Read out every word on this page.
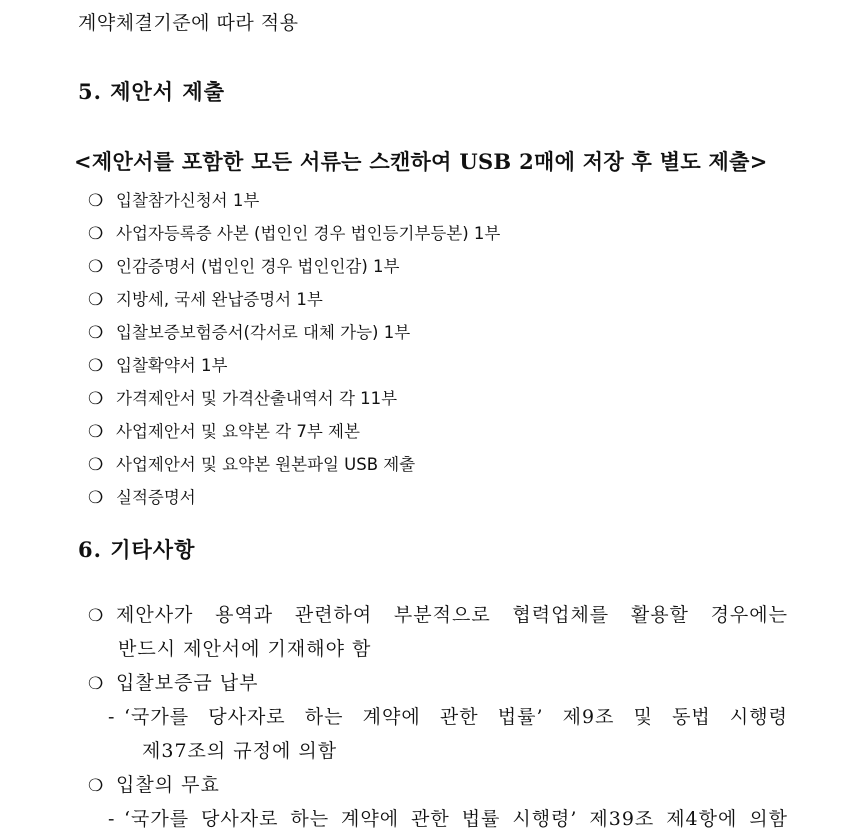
계약체결기준에 따라 적용
5. 제안서 제출
<제안서를 포함한 모든 서류는 스캔하여 USB 2매에 저장 후 별도 제출>
❍ 입찰참가신청서 1부
❍ 사업자등록증 사본 (법인인 경우 법인등기부등본) 1부
❍ 인감증명서 (법인인 경우 법인인감) 1부
❍ 지방세, 국세 완납증명서 1부
❍ 입찰보증보험증서(각서로 대체 가능) 1부
❍ 입찰확약서 1부
❍ 가격제안서 및 가격산출내역서 각 11부
❍ 사업제안서 및 요약본 각 7부 제본
❍ 사업제안서 및 요약본 원본파일 USB 제출
❍ 실적증명서
6. 기타사항
❍ 제안사가 용역과 관련하여 부분적으로 협력업체를 활용할 경우에는
반드시 제안서에 기재해야 함
❍ 입찰보증금 납부
- ‘국가를 당사자로 하는 계약에 관한 법률’ 제9조 및 동법 시행령
제37조의 규정에 의함
❍ 입찰의 무효
- ‘국가를 당사자로 하는 계약에 관한 법률 시행령’ 제39조 제4항에 의함
